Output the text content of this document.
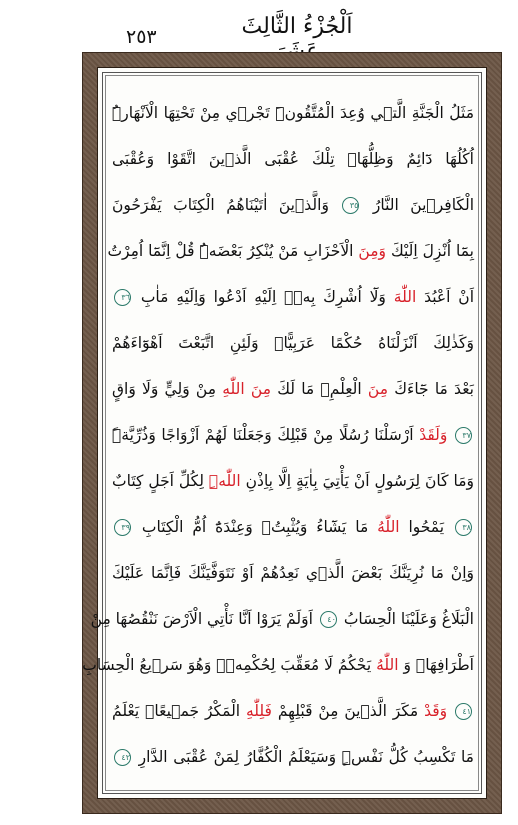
٢٥٣	اَلْجُزْءُ الثَّالِثَ
مَثَلُ الْجَنَّةِ الَّت۪ي وُعِدَ الْمُتَّقُونَۜ تَجْر۪ي مِنْ تَحْتِهَا الْاَنْهَارُۜ
اُكُلُهَا دَٓائِمٌ وَظِلُّهَاۜ تِلْكَ عُقْبَى الَّذ۪ينَ اتَّقَوْا وَعُقْبَى
الْكَافِر۪ينَ النَّارُ ٣٥ وَالَّذ۪ينَ اٰتَيْنَاهُمُ الْكِتَابَ يَفْرَحُونَ
بِمَٓا اُنْزِلَ اِلَيْكَ وَمِنَ الْاَحْزَابِ مَنْ يُنْكِرُ بَعْضَهُۜ قُلْ اِنَّمَٓا اُمِرْتُ
اَنْ اَعْبُدَ اللّٰهَ وَلَٓا اُشْرِكَ بِه۪ۜ اِلَيْهِ اَدْعُوا وَاِلَيْهِ مَاٰبِ ٣٦
وَكَذٰلِكَ اَنْزَلْنَاهُ حُكْمًا عَرَبِيًّاۜ وَلَئِنِ اتَّبَعْتَ اَهْوَٓاءَهُمْ
بَعْدَ مَا جَٓاءَكَ مِنَ الْعِلْمِۙ مَا لَكَ مِنَ اللّٰهِ مِنْ وَلِيٍّ وَلَا وَاقٍ
٣٧ وَلَقَدْ اَرْسَلْنَا رُسُلًا مِنْ قَبْلِكَ وَجَعَلْنَا لَهُمْ اَزْوَاجًا وَذُرِّيَّةًۜ
وَمَا كَانَ لِرَسُولٍ اَنْ يَأْتِيَ بِاٰيَةٍ اِلَّا بِاِذْنِ اللّٰهِۜ لِكُلِّ اَجَلٍ كِتَابٌ
٣٨ يَمْحُوا اللّٰهُ مَا يَشَٓاءُ وَيُثْبِتُۚ وَعِنْدَهُٓ اُمُّ الْكِتَابِ ٣٩
وَاِنْ مَا نُرِيَنَّكَ بَعْضَ الَّذ۪ي نَعِدُهُمْ اَوْ نَتَوَفَّيَنَّكَ فَاِنَّمَا عَلَيْكَ
الْبَلَاغُ وَعَلَيْنَا الْحِسَابُ ٤٠ اَوَلَمْ يَرَوْا اَنَّا نَأْتِي الْاَرْضَ نَنْقُصُهَا مِنْ
اَطْرَافِهَاۜ وَ اللّٰهُ يَحْكُمُ لَا مُعَقِّبَ لِحُكْمِه۪ۜ وَهُوَ سَر۪يعُ الْحِسَابِ
٤١ وَقَدْ مَكَرَ الَّذ۪ينَ مِنْ قَبْلِهِمْ فَلِلّٰهِ الْمَكْرُ جَم۪يعًاۜ يَعْلَمُ
مَا تَكْسِبُ كُلُّ نَفْسٍۜ وَسَيَعْلَمُ الْكُفَّارُ لِمَنْ عُقْبَى الدَّارِ ٤٢
